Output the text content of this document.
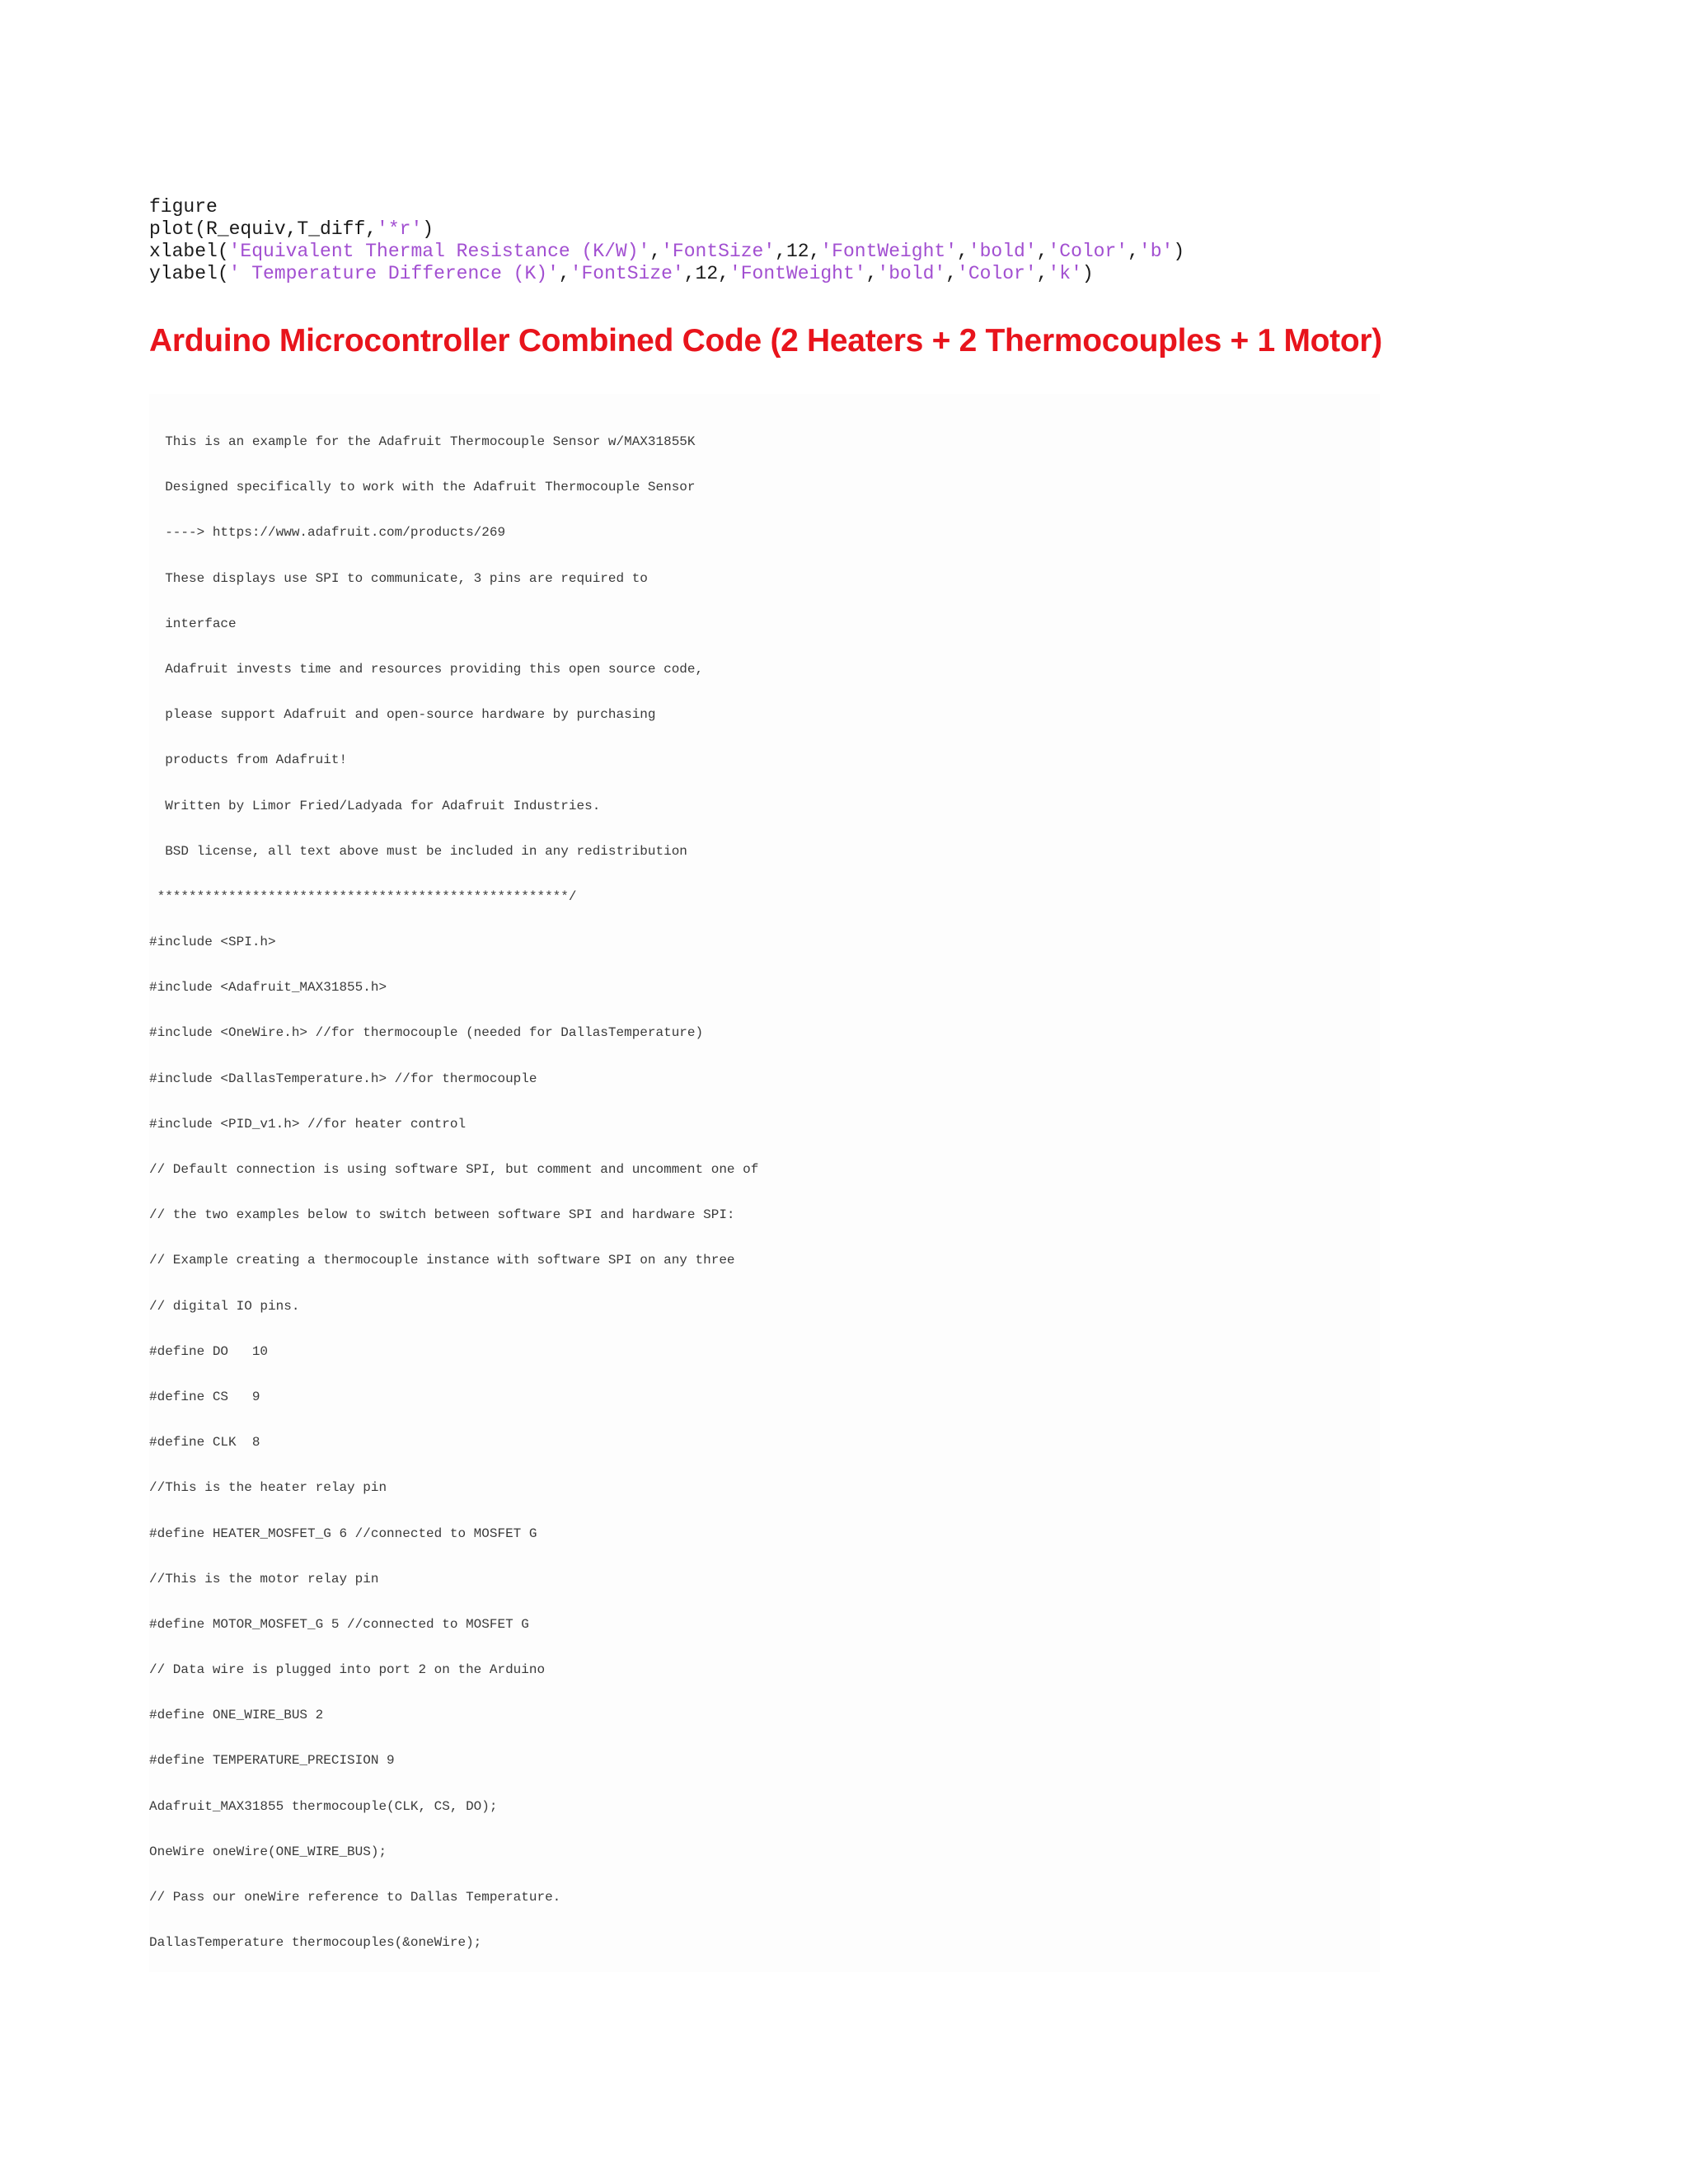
figure
plot(R_equiv,T_diff,'*r')
xlabel('Equivalent Thermal Resistance (K/W)','FontSize',12,'FontWeight','bold','Color','b')
ylabel(' Temperature Difference (K)','FontSize',12,'FontWeight','bold','Color','k')
Arduino Microcontroller Combined Code (2 Heaters + 2 Thermocouples + 1 Motor)
This is an example for the Adafruit Thermocouple Sensor w/MAX31855K
Designed specifically to work with the Adafruit Thermocouple Sensor
----> https://www.adafruit.com/products/269
These displays use SPI to communicate, 3 pins are required to
interface
Adafruit invests time and resources providing this open source code,
please support Adafruit and open-source hardware by purchasing
products from Adafruit!
Written by Limor Fried/Ladyada for Adafruit Industries.
BSD license, all text above must be included in any redistribution
****************************************************/
#include <SPI.h>
#include <Adafruit_MAX31855.h>
#include <OneWire.h> //for thermocouple (needed for DallasTemperature)
#include <DallasTemperature.h> //for thermocouple
#include <PID_v1.h> //for heater control
// Default connection is using software SPI, but comment and uncomment one of
// the two examples below to switch between software SPI and hardware SPI:
// Example creating a thermocouple instance with software SPI on any three
// digital IO pins.
#define DO   10
#define CS   9
#define CLK  8
//This is the heater relay pin
#define HEATER_MOSFET_G 6 //connected to MOSFET G
//This is the motor relay pin
#define MOTOR_MOSFET_G 5 //connected to MOSFET G
// Data wire is plugged into port 2 on the Arduino
#define ONE_WIRE_BUS 2
#define TEMPERATURE_PRECISION 9
Adafruit_MAX31855 thermocouple(CLK, CS, DO);
OneWire oneWire(ONE_WIRE_BUS);
// Pass our oneWire reference to Dallas Temperature.
DallasTemperature thermocouples(&oneWire);
